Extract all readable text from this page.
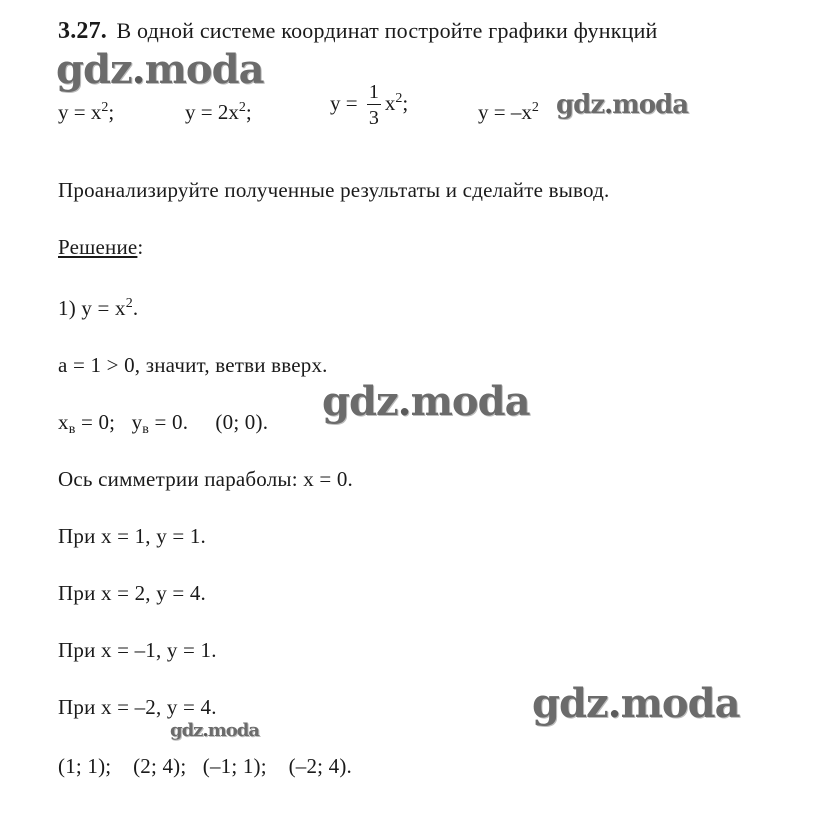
3.27. В одной системе координат постройте графики функций
gdz.moda
$y = x^2$;	$y = 2x^2$;	$y = \frac{1}{3} x^2$;	$y = -x^2$ gdz.moda
Проанализируйте полученные результаты и сделайте вывод.
Решение:
1) $y = x^2$.
a = 1 > 0, значит, ветви вверх.
$x_в = 0$; $y_в = 0$. (0; 0). gdz.moda
Ось симметрии параболы: x = 0.
При x = 1, y = 1.
При x = 2, y = 4.
При x = –1, y = 1.
При x = –2, y = 4.	gdz.moda
gdz.moda
(1; 1);    (2; 4);   (–1; 1);    (–2; 4).
